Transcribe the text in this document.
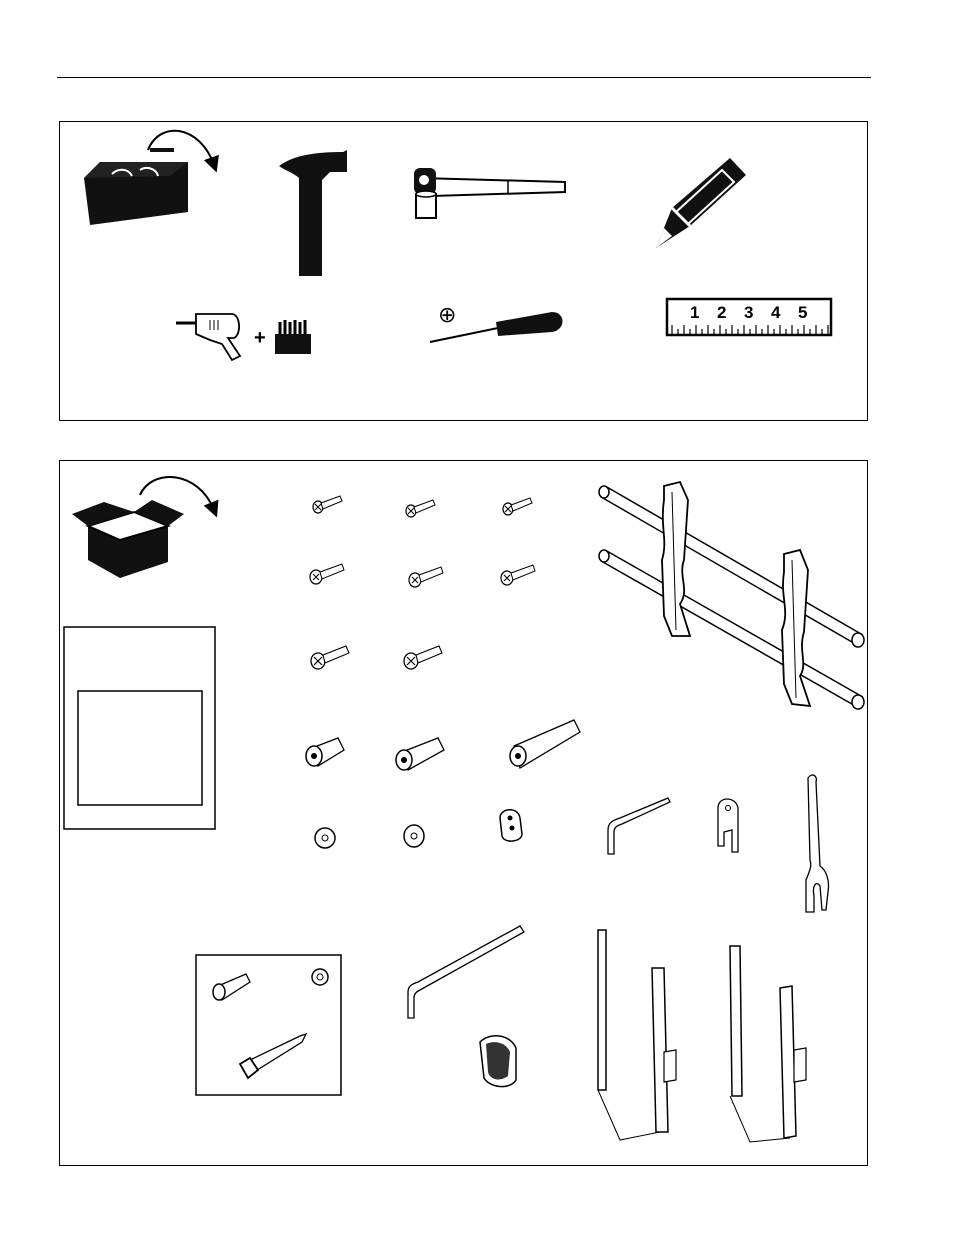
+
⊕	1 2 3 4 5
